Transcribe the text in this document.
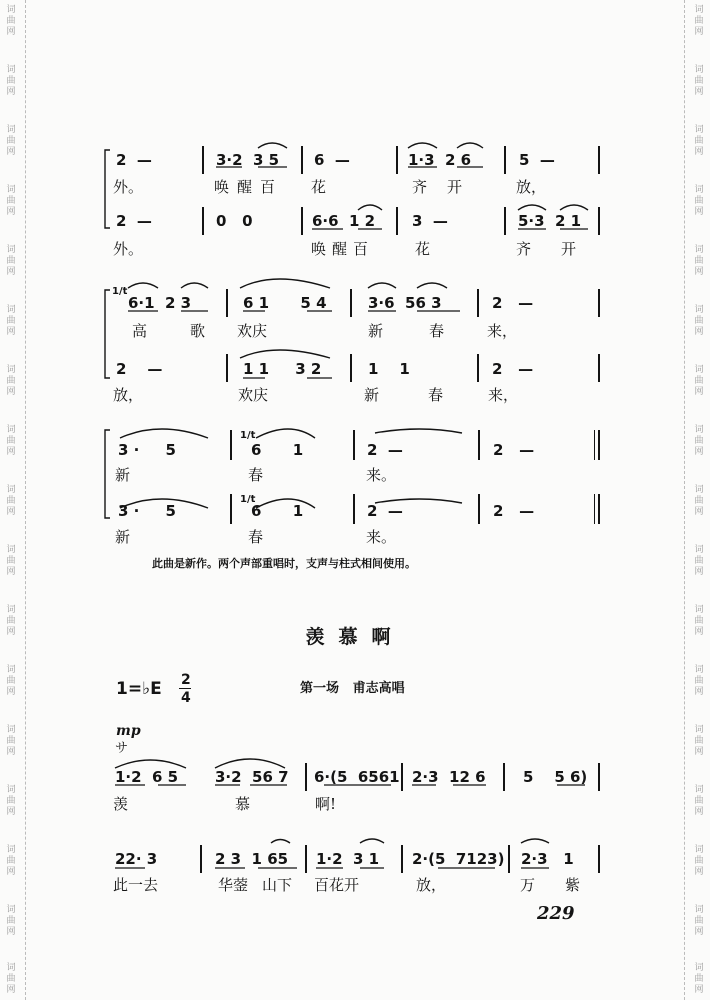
词
曲
网
词
曲
网
词
曲
网
词
曲
网
词
曲
网
词
曲
网
词
曲
网
词
曲
网
词
曲
网
词
曲
网
词
曲
网
词
曲
网
词
曲
网
词
曲
网
词
曲
网
词
曲
网
词
曲
网
词
曲
网
词
曲
网
词
曲
网
词
曲
网
词
曲
网
词
曲
网
词
曲
网
词
曲
网
词
曲
网
词
曲
网
词
曲
网
词
曲
网
词
曲
网
词
曲
网
词
曲
网
词
曲
网
词
曲
网
2  —	3·2  3 5 6  —	1·3  2 6	5  —
外。	唤醒百 花	齐开 放，
2  —	0   0	6·6  1 2 3  —	5·3  2 1
外。	唤醒百	花	齐 开
1/t
6·1  2 3	6 1      5 4	3·6  56 3	2   —
高	歌 欢庆	新	春	来，
2    —	1 1     3 2	1    1	2   —
放，	欢庆	新	春	来，
3 ·     5
1/t
6      1	2  —	2   —
新	春	来。
3 ·     5
1/t
6      1	2  —	2   —
新	春	来。
此曲是新作。两个声部重唱时，支声与柱式相间使用。
羡慕啊
1=♭E 2
4
第一场   甫志高唱
mp
サ
1·2  6 5 3·2  56 7 6·(5  6561 2·3  12 6 5    5 6)
羡	慕	啊!
22· 3	2 3  1 65 1·2  3 1 2·(5  7123) 2·3   1
此一去	华蓥 山下 百花开	放，	万 紫
229
